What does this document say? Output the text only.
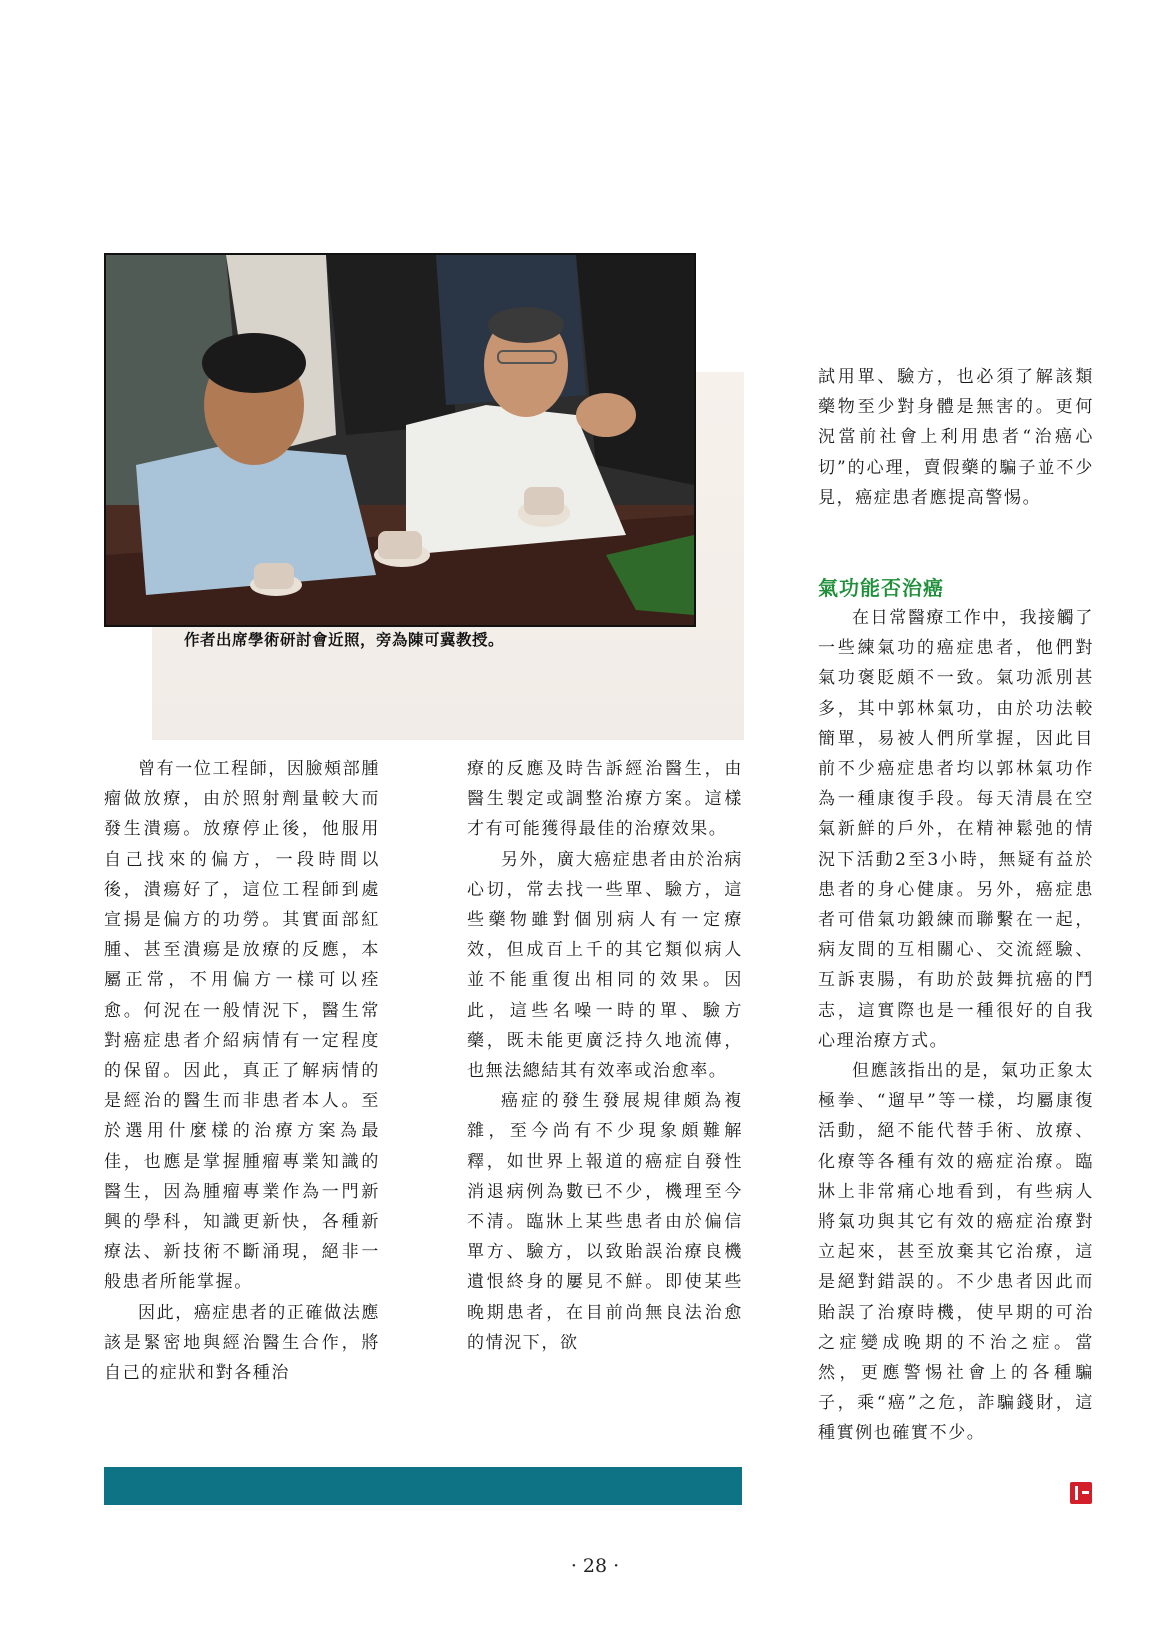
作者出席學術研討會近照，旁為陳可冀教授。

曾有一位工程師，因臉頰部腫瘤做放療，由於照射劑量較大而發生潰瘍。放療停止後，他服用自己找來的偏方，一段時間以後，潰瘍好了，這位工程師到處宣揚是偏方的功勞。其實面部紅腫、甚至潰瘍是放療的反應，本屬正常，不用偏方一樣可以痊愈。何況在一般情況下，醫生常對癌症患者介紹病情有一定程度的保留。因此，真正了解病情的是經治的醫生而非患者本人。至於選用什麼樣的治療方案為最佳，也應是掌握腫瘤專業知識的醫生，因為腫瘤專業作為一門新興的學科，知識更新快，各種新療法、新技術不斷涌現，絕非一般患者所能掌握。

因此，癌症患者的正確做法應該是緊密地與經治醫生合作，將自己的症狀和對各種治

療的反應及時告訴經治醫生，由醫生製定或調整治療方案。這樣才有可能獲得最佳的治療效果。

另外，廣大癌症患者由於治病心切，常去找一些單、驗方，這些藥物雖對個別病人有一定療效，但成百上千的其它類似病人並不能重復出相同的效果。因此，這些名噪一時的單、驗方藥，既未能更廣泛持久地流傳，也無法總結其有效率或治愈率。

癌症的發生發展規律頗為複雜，至今尚有不少現象頗難解釋，如世界上報道的癌症自發性消退病例為數已不少，機理至今不清。臨牀上某些患者由於偏信單方、驗方，以致貽誤治療良機遺恨終身的屢見不鮮。即使某些晚期患者，在目前尚無良法治愈的情況下，欲

試用單、驗方，也必須了解該類藥物至少對身體是無害的。更何況當前社會上利用患者“治癌心切”的心理，賣假藥的騙子並不少見，癌症患者應提高警惕。

氣功能否治癌

在日常醫療工作中，我接觸了一些練氣功的癌症患者，他們對氣功褒貶頗不一致。氣功派別甚多，其中郭林氣功，由於功法較簡單，易被人們所掌握，因此目前不少癌症患者均以郭林氣功作為一種康復手段。每天清晨在空氣新鮮的戶外，在精神鬆弛的情況下活動2至3小時，無疑有益於患者的身心健康。另外，癌症患者可借氣功鍛練而聯繫在一起，病友間的互相關心、交流經驗、互訴衷腸，有助於鼓舞抗癌的鬥志，這實際也是一種很好的自我心理治療方式。

但應該指出的是，氣功正象太極拳、“遛早”等一樣，均屬康復活動，絕不能代替手術、放療、化療等各種有效的癌症治療。臨牀上非常痛心地看到，有些病人將氣功與其它有效的癌症治療對立起來，甚至放棄其它治療，這是絕對錯誤的。不少患者因此而貽誤了治療時機，使早期的可治之症變成晚期的不治之症。當然，更應警惕社會上的各種騙子，乘“癌”之危，詐騙錢財，這種實例也確實不少。

· 28 ·
